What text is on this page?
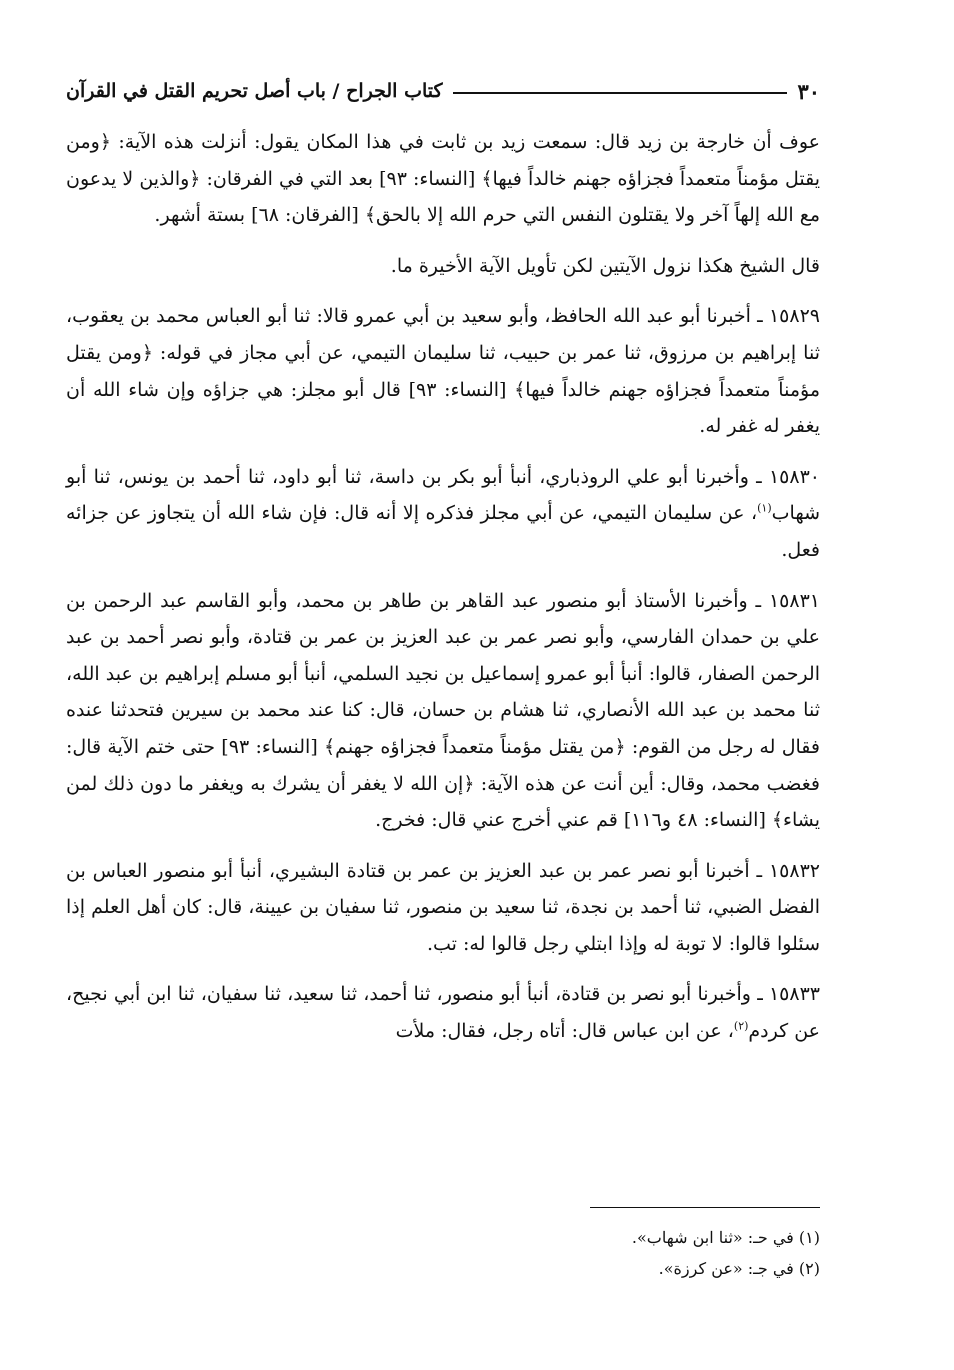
٣٠
كتاب الجراح / باب أصل تحريم القتل في القرآن

عوف أن خارجة بن زيد قال: سمعت زيد بن ثابت في هذا المكان يقول: أنزلت هذه الآية: ﴿ومن يقتل مؤمناً متعمداً فجزاؤه جهنم خالداً فيها﴾ [النساء: ٩٣] بعد التي في الفرقان: ﴿والذين لا يدعون مع الله إلهاً آخر ولا يقتلون النفس التي حرم الله إلا بالحق﴾ [الفرقان: ٦٨] بستة أشهر.

قال الشيخ هكذا نزول الآيتين لكن تأويل الآية الأخيرة ما.

١٥٨٢٩ ـ أخبرنا أبو عبد الله الحافظ، وأبو سعيد بن أبي عمرو قالا: ثنا أبو العباس محمد بن يعقوب، ثنا إبراهيم بن مرزوق، ثنا عمر بن حبيب، ثنا سليمان التيمي، عن أبي مجاز في قوله: ﴿ومن يقتل مؤمناً متعمداً فجزاؤه جهنم خالداً فيها﴾ [النساء: ٩٣] قال أبو مجلز: هي جزاؤه وإن شاء الله أن يغفر له غفر له.

١٥٨٣٠ ـ وأخبرنا أبو علي الروذباري، أنبأ أبو بكر بن داسة، ثنا أبو داود، ثنا أحمد بن يونس، ثنا أبو شهاب$^{(١)}$، عن سليمان التيمي، عن أبي مجلز فذكره إلا أنه قال: فإن شاء الله أن يتجاوز عن جزائه فعل.

١٥٨٣١ ـ وأخبرنا الأستاذ أبو منصور عبد القاهر بن طاهر بن محمد، وأبو القاسم عبد الرحمن بن علي بن حمدان الفارسي، وأبو نصر عمر بن عبد العزيز بن عمر بن قتادة، وأبو نصر أحمد بن عبد الرحمن الصفار، قالوا: أنبأ أبو عمرو إسماعيل بن نجيد السلمي، أنبأ أبو مسلم إبراهيم بن عبد الله، ثنا محمد بن عبد الله الأنصاري، ثنا هشام بن حسان، قال: كنا عند محمد بن سيرين فتحدثنا عنده فقال له رجل من القوم: ﴿من يقتل مؤمناً متعمداً فجزاؤه جهنم﴾ [النساء: ٩٣] حتى ختم الآية قال: فغضب محمد، وقال: أين أنت عن هذه الآية: ﴿إن الله لا يغفر أن يشرك به ويغفر ما دون ذلك لمن يشاء﴾ [النساء: ٤٨ و١١٦] قم عني أخرج عني قال: فخرج.

١٥٨٣٢ ـ أخبرنا أبو نصر عمر بن عبد العزيز بن عمر بن قتادة البشيري، أنبأ أبو منصور العباس بن الفضل الضبي، ثنا أحمد بن نجدة، ثنا سعيد بن منصور، ثنا سفيان بن عيينة، قال: كان أهل العلم إذا سئلوا قالوا: لا توبة له وإذا ابتلي رجل قالوا له: تب.

١٥٨٣٣ ـ وأخبرنا أبو نصر بن قتادة، أنبأ أبو منصور، ثنا أحمد، ثنا سعيد، ثنا سفيان، ثنا ابن أبي نجيح، عن كردم$^{(٢)}$، عن ابن عباس قال: أتاه رجل، فقال: ملأت

(١) في حـ: «ثنا ابن شهاب».

(٢) في جـ: «عن كرزة».
